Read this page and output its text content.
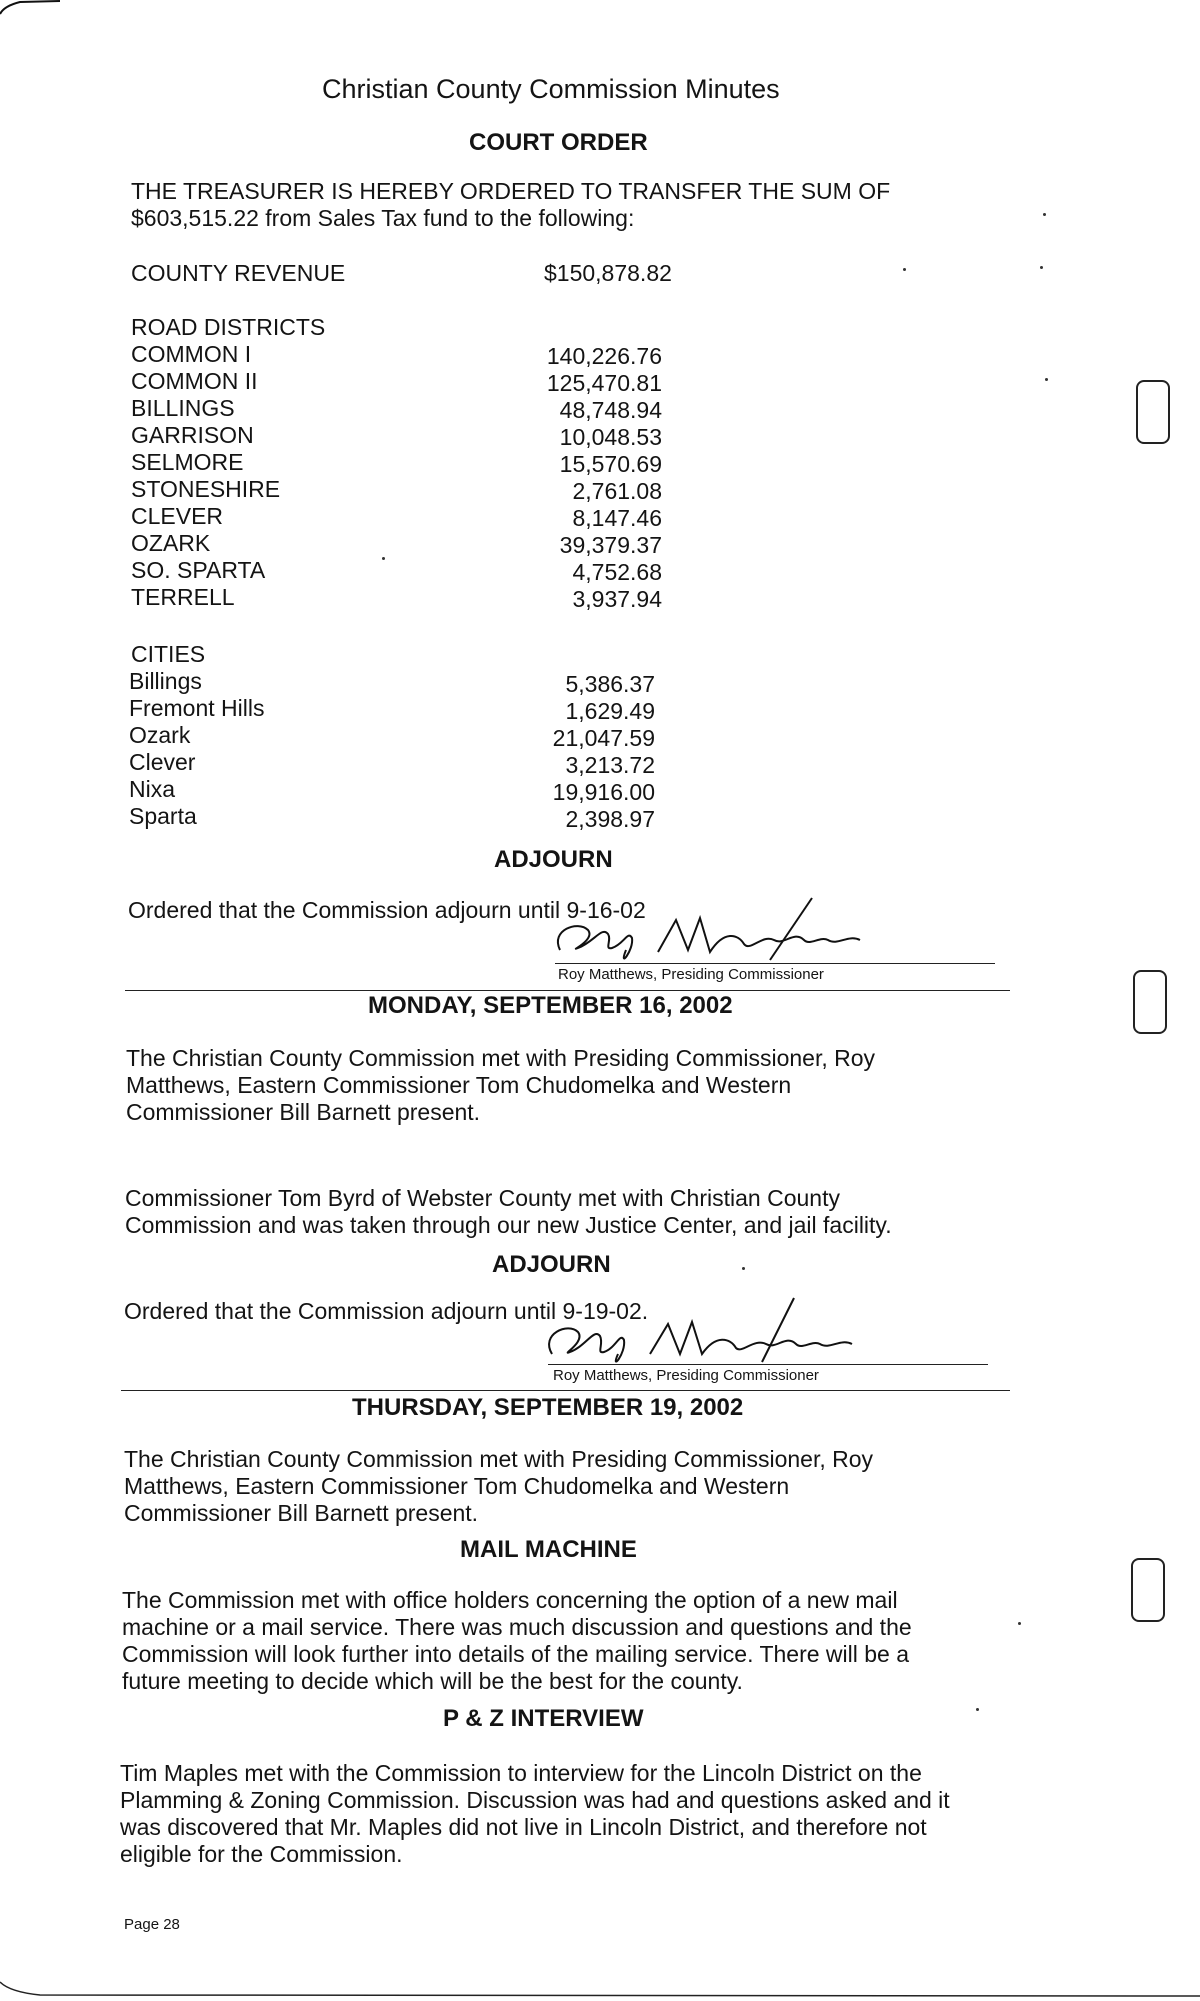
Christian County Commission Minutes
COURT ORDER
THE TREASURER IS HEREBY ORDERED TO TRANSFER THE SUM OF
$603,515.22 from Sales Tax fund to the following:
COUNTY REVENUE	$150,878.82
ROAD DISTRICTS
COMMON I	140,226.76
COMMON II	125,470.81
BILLINGS	48,748.94
GARRISON	10,048.53
SELMORE	15,570.69
STONESHIRE	2,761.08
CLEVER	8,147.46
OZARK	39,379.37
SO. SPARTA	4,752.68
TERRELL	3,937.94
CITIES
Billings	5,386.37
Fremont Hills	1,629.49
Ozark	21,047.59
Clever	3,213.72
Nixa	19,916.00
Sparta	2,398.97
ADJOURN
Ordered that the Commission adjourn until 9-16-02
Roy Matthews, Presiding Commissioner
MONDAY, SEPTEMBER 16, 2002
The Christian County Commission met with Presiding Commissioner, Roy Matthews, Eastern Commissioner Tom Chudomelka and Western Commissioner Bill Barnett present.
Commissioner Tom Byrd of Webster County met with Christian County Commission and was taken through our new Justice Center, and jail facility.
ADJOURN
Ordered that the Commission adjourn until 9-19-02.
Roy Matthews, Presiding Commissioner
THURSDAY, SEPTEMBER 19, 2002
The Christian County Commission met with Presiding Commissioner, Roy Matthews, Eastern Commissioner Tom Chudomelka and Western Commissioner Bill Barnett present.
MAIL MACHINE
The Commission met with office holders concerning the option of a new mail machine or a mail service. There was much discussion and questions and the Commission will look further into details of the mailing service. There will be a future meeting to decide which will be the best for the county.
P & Z INTERVIEW
Tim Maples met with the Commission to interview for the Lincoln District on the Plamming & Zoning Commission. Discussion was had and questions asked and it was discovered that Mr. Maples did not live in Lincoln District, and therefore not eligible for the Commission.
Page 28
